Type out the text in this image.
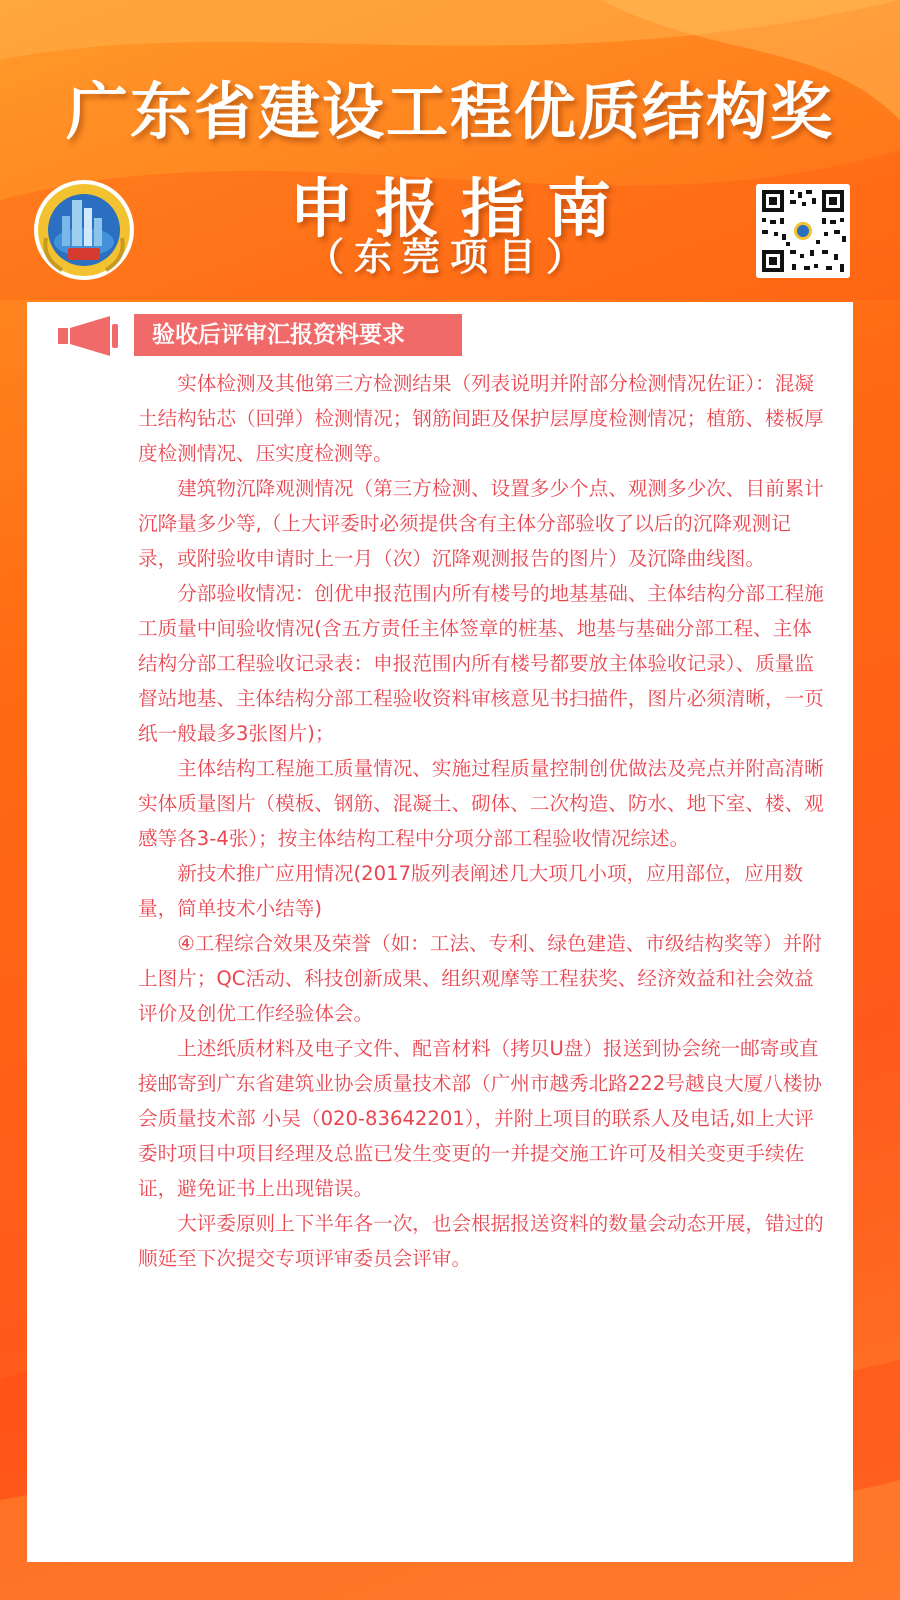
广东省建设工程优质结构奖
申报指南
（东莞项目）
验收后评审汇报资料要求

实体检测及其他第三方检测结果（列表说明并附部分检测情况佐证）：混凝土结构钻芯（回弹）检测情况；钢筋间距及保护层厚度检测情况；植筋、楼板厚度检测情况、压实度检测等。

建筑物沉降观测情况（第三方检测、设置多少个点、观测多少次、目前累计沉降量多少等,（上大评委时必须提供含有主体分部验收了以后的沉降观测记录，或附验收申请时上一月（次）沉降观测报告的图片）及沉降曲线图。

分部验收情况：创优申报范围内所有楼号的地基基础、主体结构分部工程施工质量中间验收情况(含五方责任主体签章的桩基、地基与基础分部工程、主体结构分部工程验收记录表：申报范围内所有楼号都要放主体验收记录）、质量监督站地基、主体结构分部工程验收资料审核意见书扫描件，图片必须清晰，一页纸一般最多3张图片)；

主体结构工程施工质量情况、实施过程质量控制创优做法及亮点并附高清晰实体质量图片（模板、钢筋、混凝土、砌体、二次构造、防水、地下室、楼、观感等各3-4张）；按主体结构工程中分项分部工程验收情况综述。

新技术推广应用情况(2017版列表阐述几大项几小项，应用部位，应用数量，简单技术小结等)

④工程综合效果及荣誉（如：工法、专利、绿色建造、市级结构奖等）并附上图片；QC活动、科技创新成果、组织观摩等工程获奖、经济效益和社会效益评价及创优工作经验体会。

上述纸质材料及电子文件、配音材料（拷贝U盘）报送到协会统一邮寄或直接邮寄到广东省建筑业协会质量技术部（广州市越秀北路222号越良大厦八楼协会质量技术部 小吴（020-83642201），并附上项目的联系人及电话,如上大评委时项目中项目经理及总监已发生变更的一并提交施工许可及相关变更手续佐证，避免证书上出现错误。

大评委原则上下半年各一次，也会根据报送资料的数量会动态开展，错过的顺延至下次提交专项评审委员会评审。
